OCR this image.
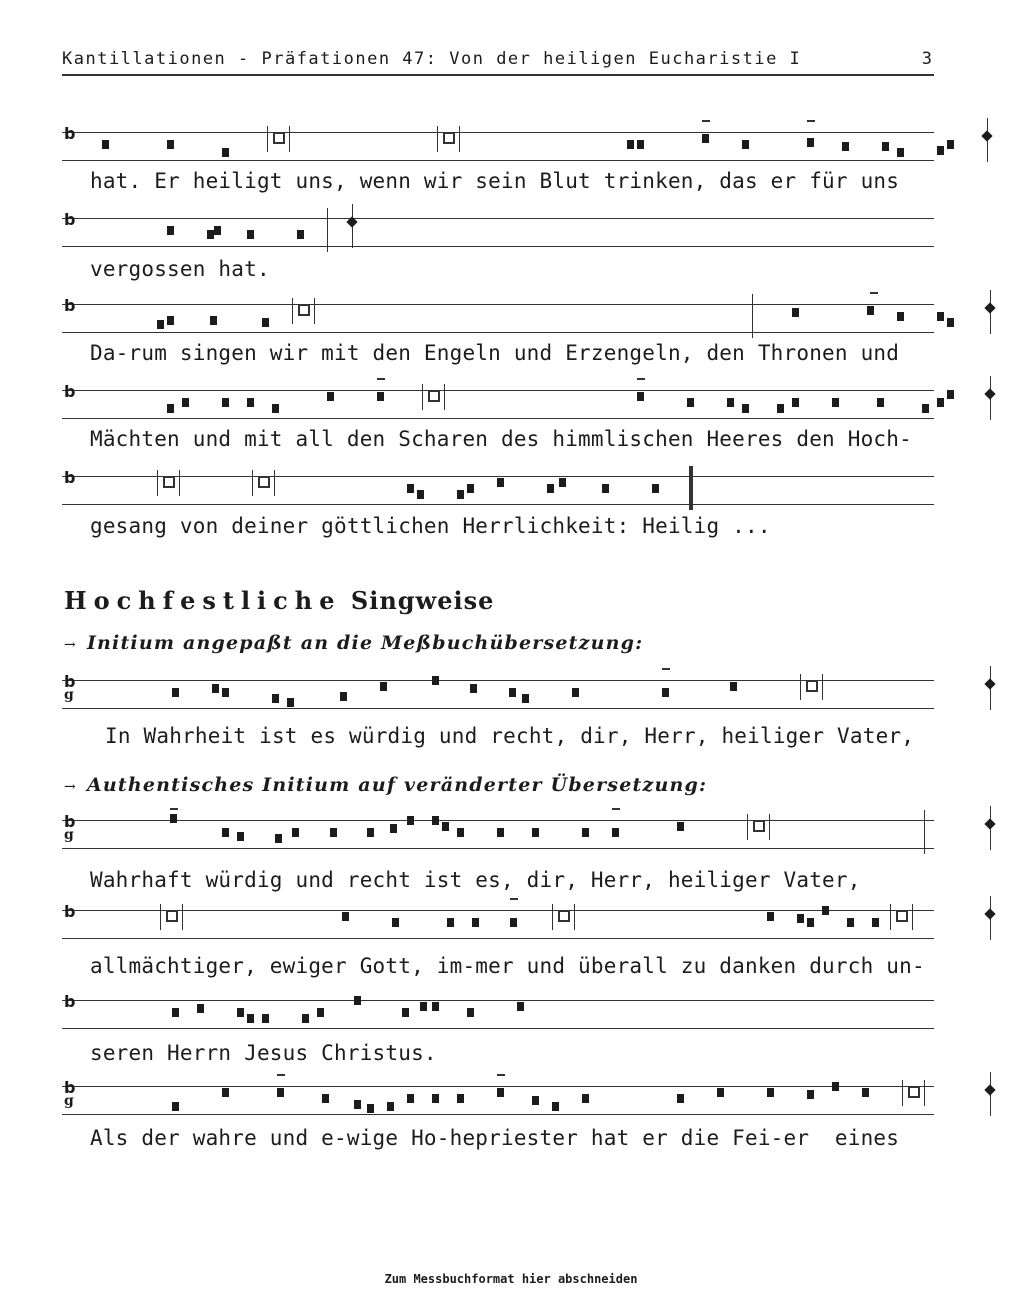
Kantillationen - Präfationen 47: Von der heiligen Eucharistie I	3
b
b
b
b
b
b
g
b
g
b
b
b
g
hat. Er heiligt uns, wenn wir sein Blut trinken, das er für uns
vergossen hat.
Da-rum singen wir mit den Engeln und Erzengeln, den Thronen und
Mächten und mit all den Scharen des himmlischen Heeres den Hoch-
gesang von deiner göttlichen Herrlichkeit: Heilig ...
Hochfestliche Singweise
→ Initium angepaßt an die Meßbuchübersetzung:
In Wahrheit ist es würdig und recht, dir, Herr, heiliger Vater,
→ Authentisches Initium auf veränderter Übersetzung:
Wahrhaft würdig und recht ist es, dir, Herr, heiliger Vater,
allmächtiger, ewiger Gott, im-mer und überall zu danken durch un-
seren Herrn Jesus Christus.
Als der wahre und e-wige Ho-hepriester hat er die Fei-er  eines
Zum Messbuchformat hier abschneiden
